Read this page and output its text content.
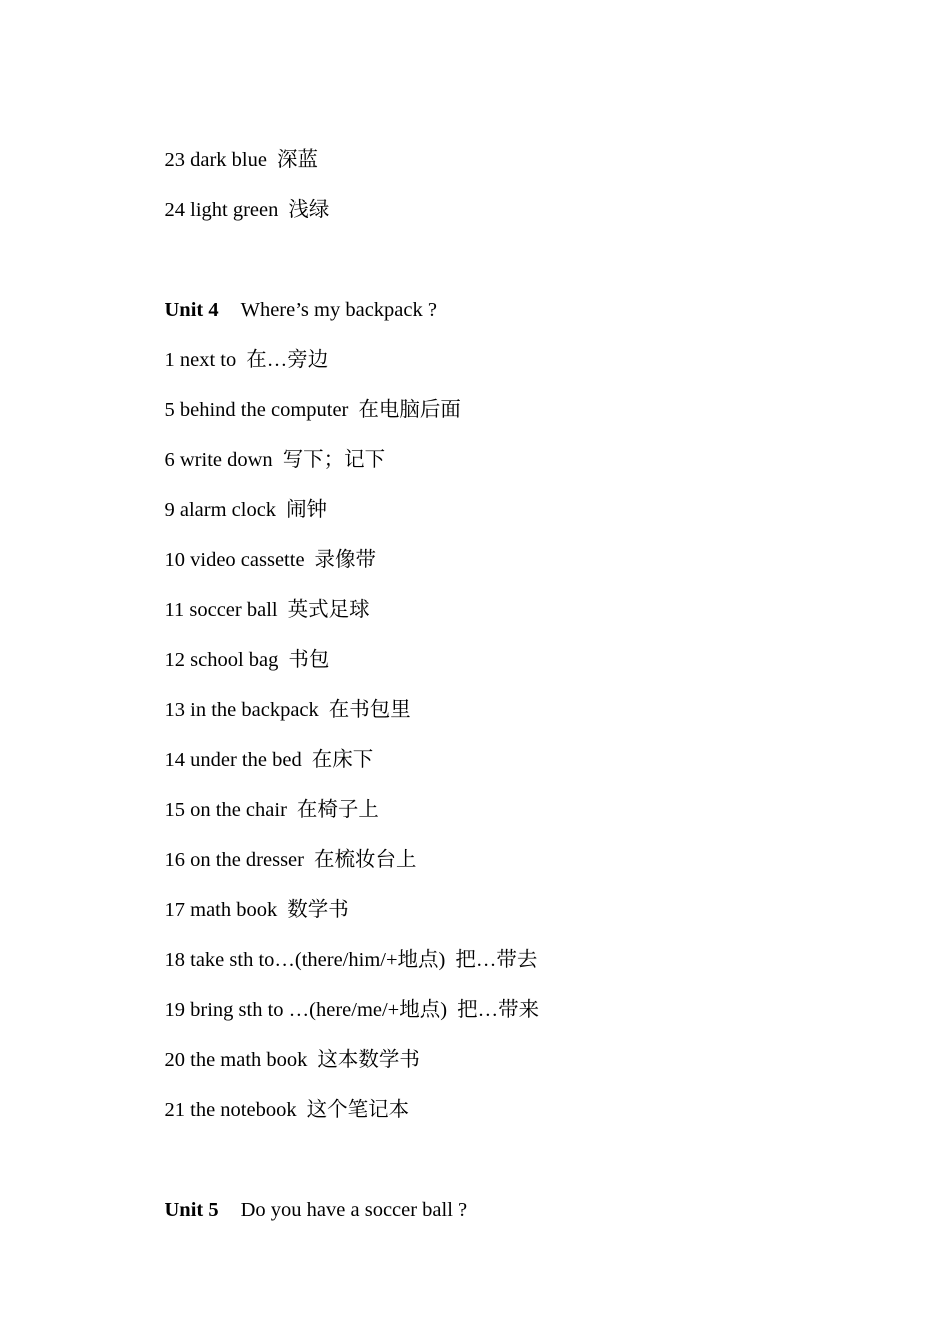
23 dark blue 深蓝

24 light green 浅绿

Unit 4 Where’s my backpack ?

1 next to 在…旁边

5 behind the computer 在电脑后面

6 write down 写下；记下

9 alarm clock 闹钟

10 video cassette 录像带

11 soccer ball 英式足球

12 school bag 书包

13 in the backpack 在书包里

14 under the bed 在床下

15 on the chair 在椅子上

16 on the dresser 在梳妆台上

17 math book 数学书

18 take sth to…(there/him/+地点) 把…带去

19 bring sth to …(here/me/+地点) 把…带来

20 the math book 这本数学书

21 the notebook 这个笔记本

Unit 5 Do you have a soccer ball ?
